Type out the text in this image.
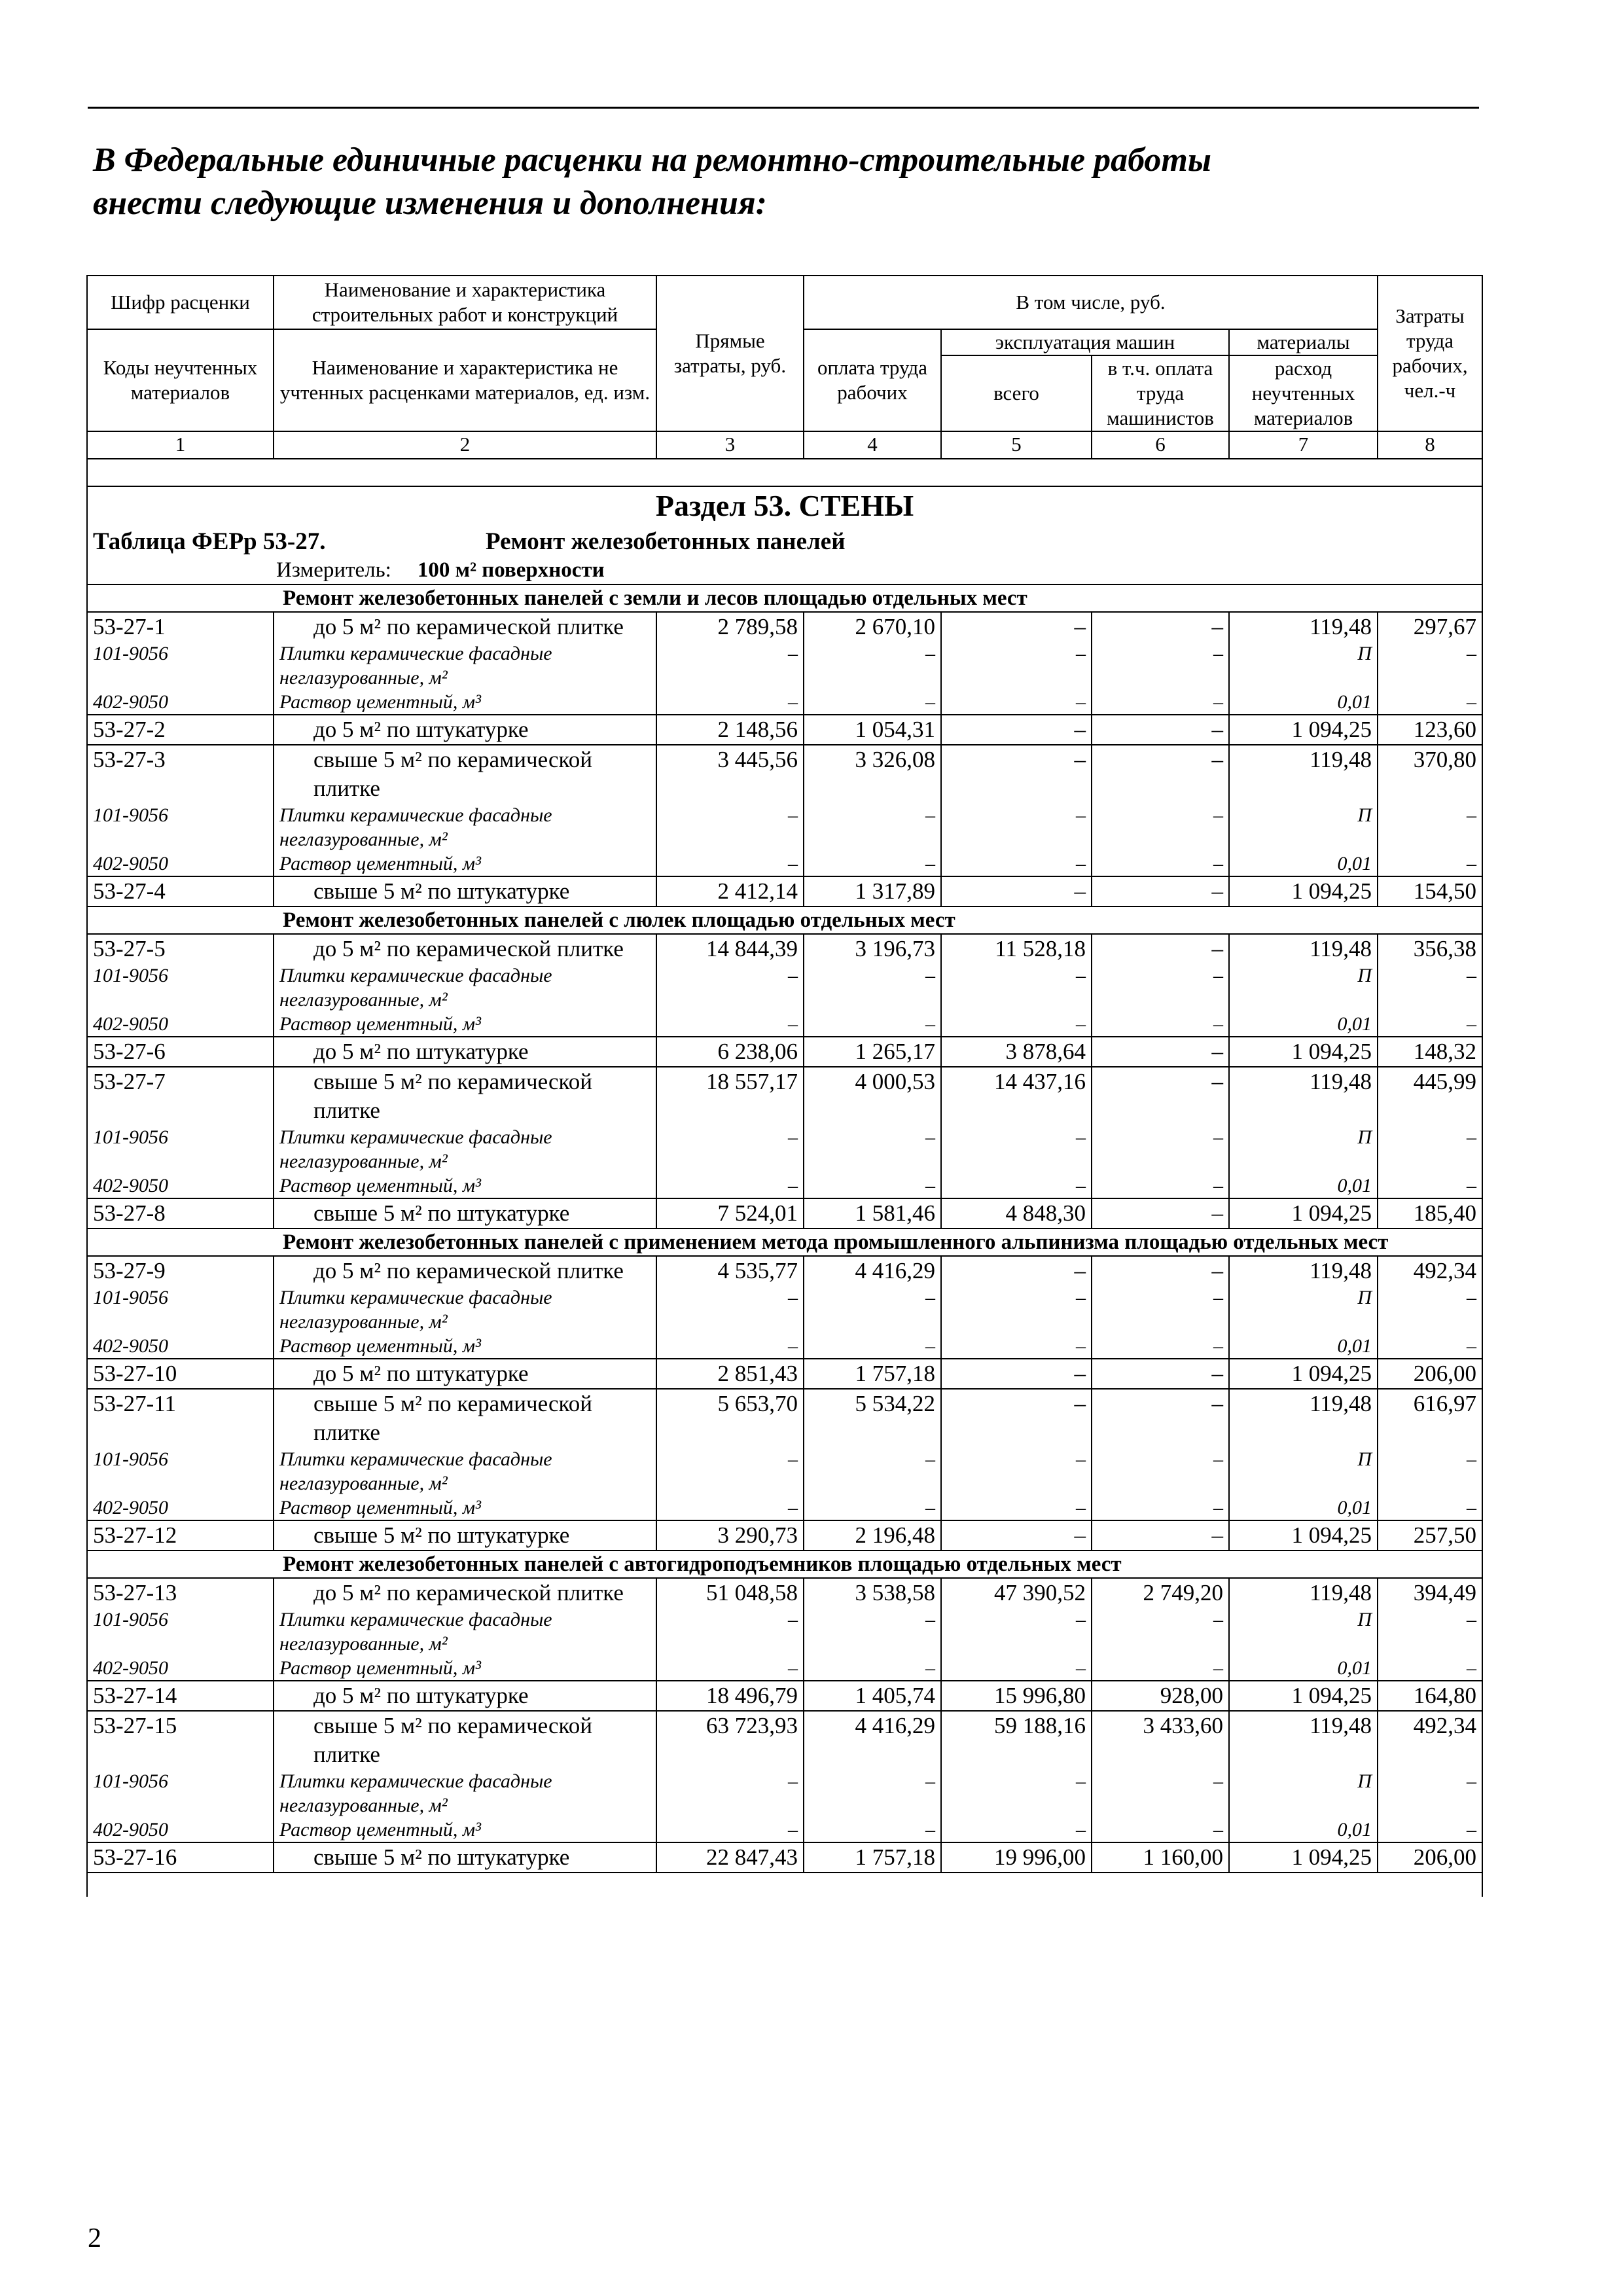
В Федеральные единичные расценки на ремонтно-строительные работы
внести следующие изменения и дополнения:
Шифр расценки	Наименование и характеристика строительных работ и конструкций	Прямые затраты, руб.	В том числе, руб.				Затраты труда рабочих, чел.-ч
Коды неучтенных материалов	Наименование и характеристика не учтенных расценками материалов, ед. изм.		оплата труда рабочих	эксплуатация машин		материалы	
				всего	в т.ч. оплата труда машинистов	расход неучтенных материалов	
1	2	3	4	5	6	7	8

Раздел 53. СТЕНЫ							
Таблица ФЕРр 53-27. Ремонт железобетонных панелей							
Измеритель: 100 м² поверхности							

Ремонт железобетонных панелей с земли и лесов площадью отдельных мест							

53-27-1	до 5 м² по керамической плитке	2 789,58	2 670,10	–	–	119,48	297,67
101-9056	Плитки керамические фасадные неглазурованные, м²	–	–	–	–	П	–
402-9050	Раствор цементный, м³	–	–	–	–	0,01	–
53-27-2	до 5 м² по штукатурке	2 148,56	1 054,31	–	–	1 094,25	123,60
53-27-3	свыше 5 м² по керамической плитке	3 445,56	3 326,08	–	–	119,48	370,80
101-9056	Плитки керамические фасадные неглазурованные, м²	–	–	–	–	П	–
402-9050	Раствор цементный, м³	–	–	–	–	0,01	–
53-27-4	свыше 5 м² по штукатурке	2 412,14	1 317,89	–	–	1 094,25	154,50

Ремонт железобетонных панелей с люлек площадью отдельных мест							

53-27-5	до 5 м² по керамической плитке	14 844,39	3 196,73	11 528,18	–	119,48	356,38
101-9056	Плитки керамические фасадные неглазурованные, м²	–	–	–	–	П	–
402-9050	Раствор цементный, м³	–	–	–	–	0,01	–
53-27-6	до 5 м² по штукатурке	6 238,06	1 265,17	3 878,64	–	1 094,25	148,32
53-27-7	свыше 5 м² по керамической плитке	18 557,17	4 000,53	14 437,16	–	119,48	445,99
101-9056	Плитки керамические фасадные неглазурованные, м²	–	–	–	–	П	–
402-9050	Раствор цементный, м³	–	–	–	–	0,01	–
53-27-8	свыше 5 м² по штукатурке	7 524,01	1 581,46	4 848,30	–	1 094,25	185,40

Ремонт железобетонных панелей с применением метода промышленного альпинизма площадью отдельных мест							

53-27-9	до 5 м² по керамической плитке	4 535,77	4 416,29	–	–	119,48	492,34
101-9056	Плитки керамические фасадные неглазурованные, м²	–	–	–	–	П	–
402-9050	Раствор цементный, м³	–	–	–	–	0,01	–
53-27-10	до 5 м² по штукатурке	2 851,43	1 757,18	–	–	1 094,25	206,00
53-27-11	свыше 5 м² по керамической плитке	5 653,70	5 534,22	–	–	119,48	616,97
101-9056	Плитки керамические фасадные неглазурованные, м²	–	–	–	–	П	–
402-9050	Раствор цементный, м³	–	–	–	–	0,01	–
53-27-12	свыше 5 м² по штукатурке	3 290,73	2 196,48	–	–	1 094,25	257,50

Ремонт железобетонных панелей с автогидроподъемников площадью отдельных мест							

53-27-13	до 5 м² по керамической плитке	51 048,58	3 538,58	47 390,52	2 749,20	119,48	394,49
101-9056	Плитки керамические фасадные неглазурованные, м²	–	–	–	–	П	–
402-9050	Раствор цементный, м³	–	–	–	–	0,01	–
53-27-14	до 5 м² по штукатурке	18 496,79	1 405,74	15 996,80	928,00	1 094,25	164,80
53-27-15	свыше 5 м² по керамической плитке	63 723,93	4 416,29	59 188,16	3 433,60	119,48	492,34
101-9056	Плитки керамические фасадные неглазурованные, м²	–	–	–	–	П	–
402-9050	Раствор цементный, м³	–	–	–	–	0,01	–
53-27-16	свыше 5 м² по штукатурке	22 847,43	1 757,18	19 996,00	1 160,00	1 094,25	206,00

2
